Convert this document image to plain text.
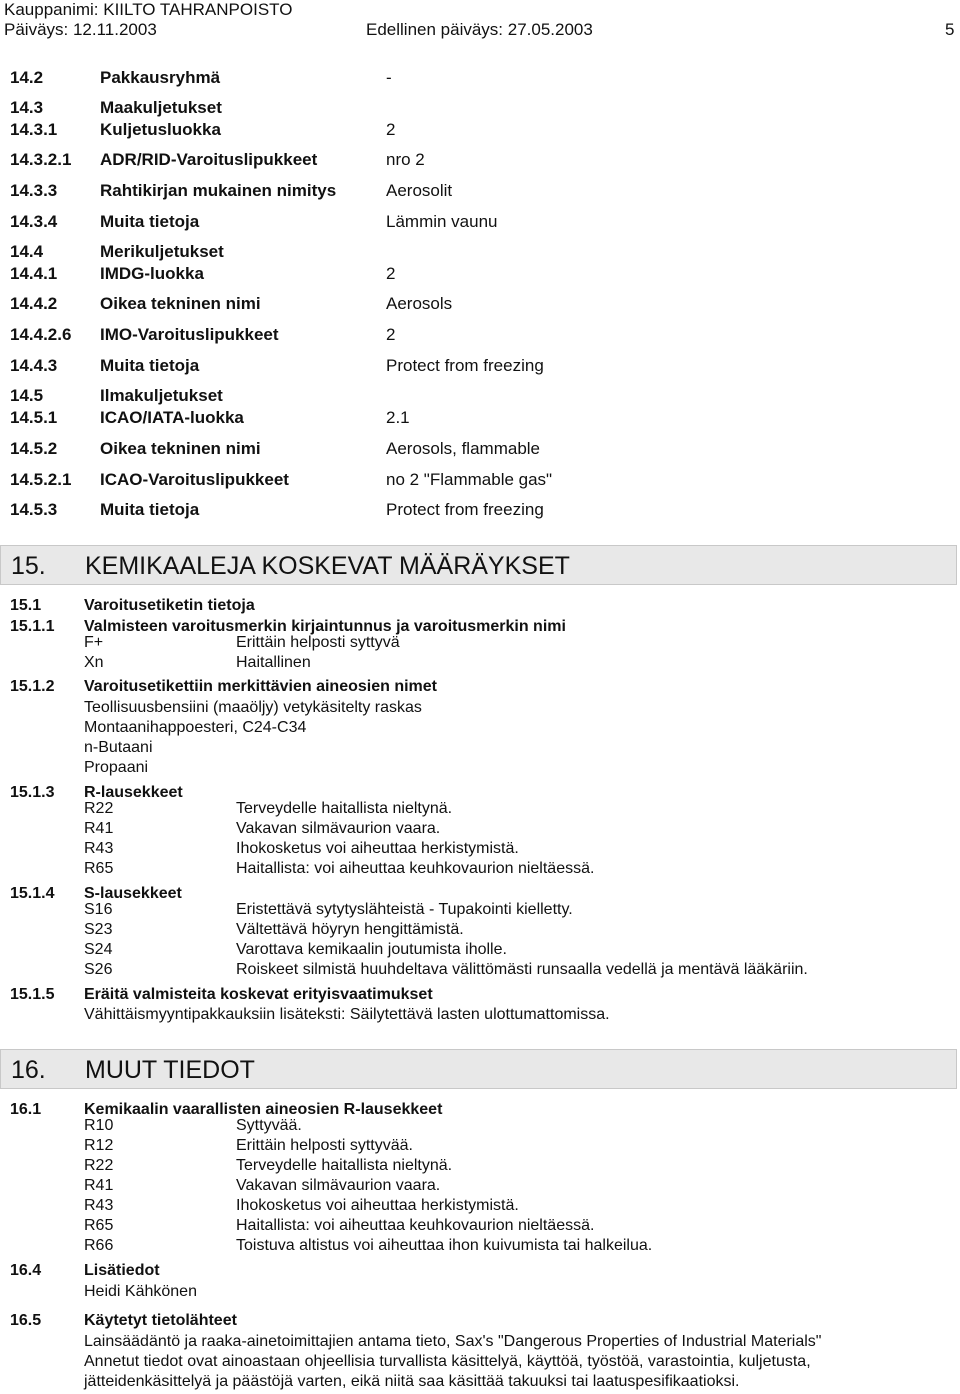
Kauppanimi: KIILTO TAHRANPOISTO
Päiväys: 12.11.2003	Edellinen päiväys: 27.05.2003	5
14.2	Pakkausryhmä	-
14.3	Maakuljetukset
14.3.1	Kuljetusluokka	2
14.3.2.1 ADR/RID-Varoituslipukkeet	nro 2
14.3.3	Rahtikirjan mukainen nimitys	Aerosolit
14.3.4	Muita tietoja	Lämmin vaunu
14.4	Merikuljetukset
14.4.1	IMDG-luokka	2
14.4.2	Oikea tekninen nimi	Aerosols
14.4.2.6 IMO-Varoituslipukkeet	2
14.4.3	Muita tietoja	Protect from freezing
14.5	Ilmakuljetukset
14.5.1	ICAO/IATA-luokka	2.1
14.5.2	Oikea tekninen nimi	Aerosols, flammable
14.5.2.1 ICAO-Varoituslipukkeet	no 2 "Flammable gas"
14.5.3	Muita tietoja	Protect from freezing
15. KEMIKAALEJA KOSKEVAT MÄÄRÄYKSET
15.1	Varoitusetiketin tietoja
15.1.1 Valmisteen varoitusmerkin kirjaintunnus ja varoitusmerkin nimi
F+	Erittäin helposti syttyvä
Xn	Haitallinen
15.1.2 Varoitusetikettiin merkittävien aineosien nimet
Teollisuusbensiini (maaöljy) vetykäsitelty raskas
Montaanihappoesteri, C24-C34
n-Butaani
Propaani
15.1.3 R-lausekkeet
R22	Terveydelle haitallista nieltynä.
R41	Vakavan silmävaurion vaara.
R43	Ihokosketus voi aiheuttaa herkistymistä.
R65	Haitallista: voi aiheuttaa keuhkovaurion nieltäessä.
15.1.4 S-lausekkeet
S16	Eristettävä sytytyslähteistä - Tupakointi kielletty.
S23	Vältettävä höyryn hengittämistä.
S24	Varottava kemikaalin joutumista iholle.
S26	Roiskeet silmistä huuhdeltava välittömästi runsaalla vedellä ja mentävä lääkäriin.
15.1.5 Eräitä valmisteita koskevat erityisvaatimukset
Vähittäismyyntipakkauksiin lisäteksti: Säilytettävä lasten ulottumattomissa.
16. MUUT TIEDOT
16.1	Kemikaalin vaarallisten aineosien R-lausekkeet
R10	Syttyvää.
R12	Erittäin helposti syttyvää.
R22	Terveydelle haitallista nieltynä.
R41	Vakavan silmävaurion vaara.
R43	Ihokosketus voi aiheuttaa herkistymistä.
R65	Haitallista: voi aiheuttaa keuhkovaurion nieltäessä.
R66	Toistuva altistus voi aiheuttaa ihon kuivumista tai halkeilua.
16.4	Lisätiedot
Heidi Kähkönen
16.5	Käytetyt tietolähteet
Lainsäädäntö ja raaka-ainetoimittajien antama tieto, Sax's "Dangerous Properties of Industrial Materials"
Annetut tiedot ovat ainoastaan ohjeellisia turvallista käsittelyä, käyttöä, työstöä, varastointia, kuljetusta,
jätteidenkäsittelyä ja päästöjä varten, eikä niitä saa käsittää takuuksi tai laatuspesifikaatioksi.
